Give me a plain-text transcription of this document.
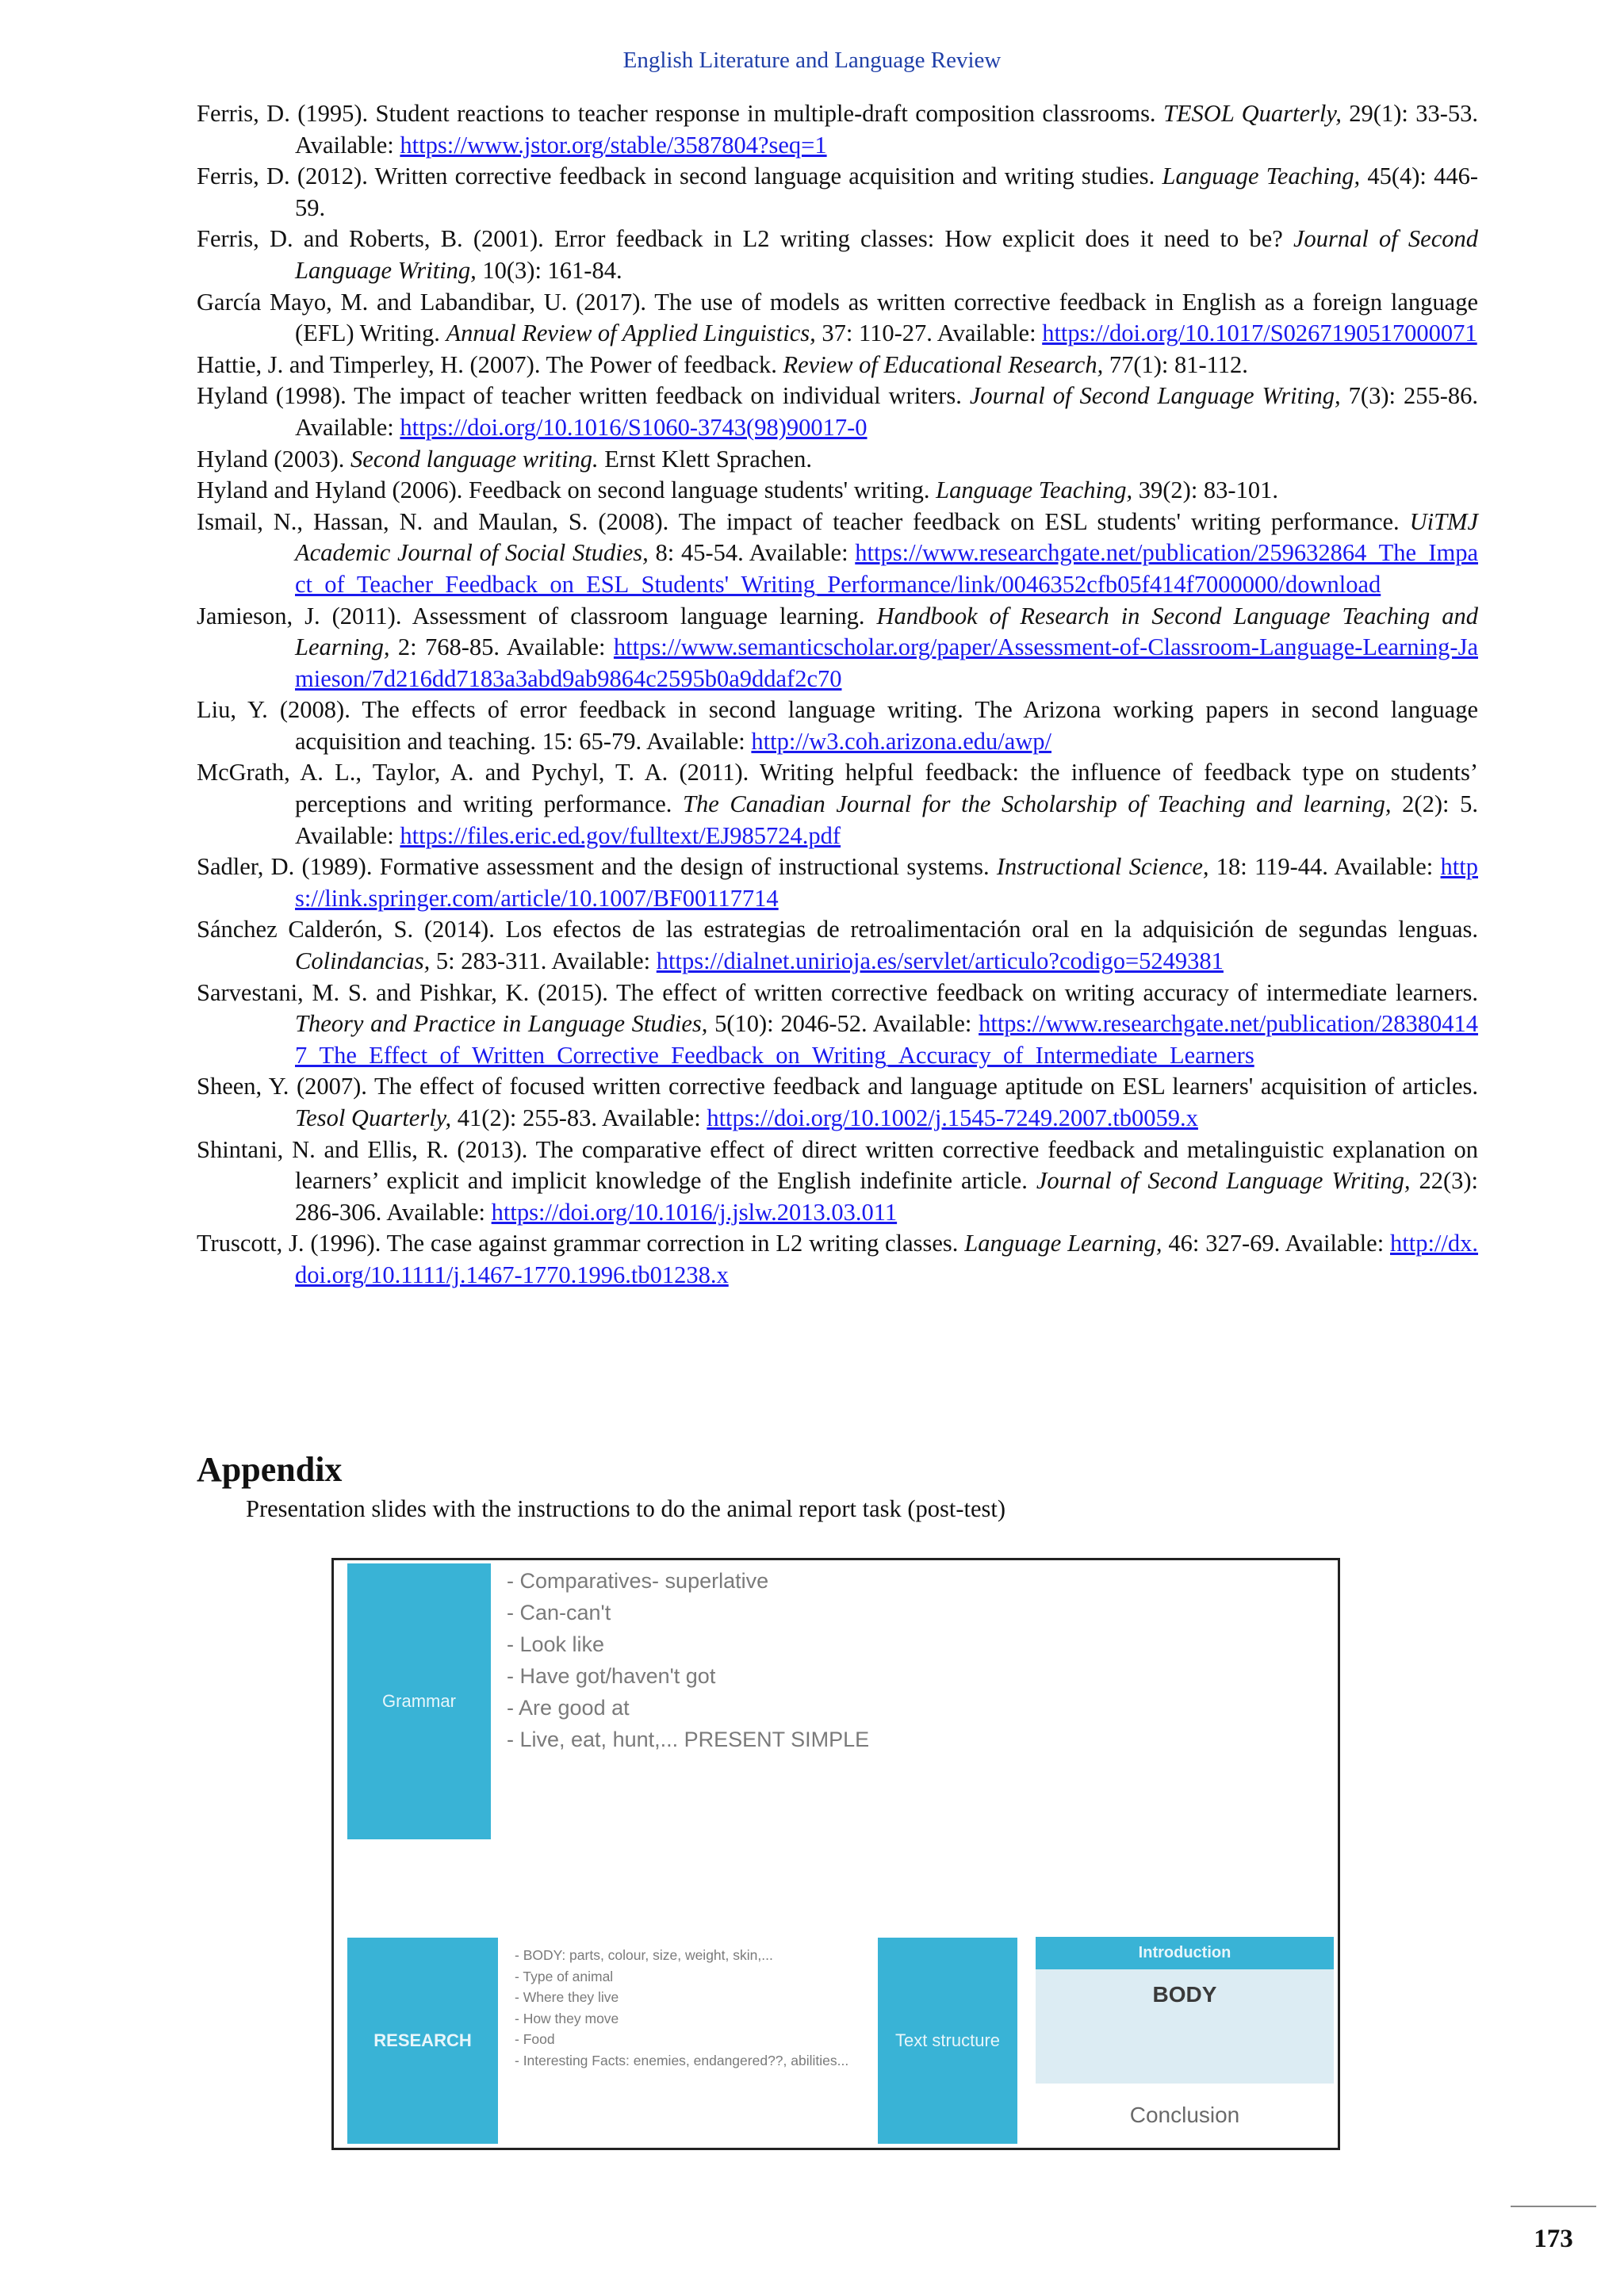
English Literature and Language Review
Ferris, D. (1995). Student reactions to teacher response in multiple-draft composition classrooms. TESOL Quarterly, 29(1): 33-53. Available: https://www.jstor.org/stable/3587804?seq=1
Ferris, D. (2012). Written corrective feedback in second language acquisition and writing studies. Language Teaching, 45(4): 446-59.
Ferris, D. and Roberts, B. (2001). Error feedback in L2 writing classes: How explicit does it need to be? Journal of Second Language Writing, 10(3): 161-84.
García Mayo, M. and Labandibar, U. (2017). The use of models as written corrective feedback in English as a foreign language (EFL) Writing. Annual Review of Applied Linguistics, 37: 110-27. Available: https://doi.org/10.1017/S0267190517000071
Hattie, J. and Timperley, H. (2007). The Power of feedback. Review of Educational Research, 77(1): 81-112.
Hyland (1998). The impact of teacher written feedback on individual writers. Journal of Second Language Writing, 7(3): 255-86. Available: https://doi.org/10.1016/S1060-3743(98)90017-0
Hyland (2003). Second language writing. Ernst Klett Sprachen.
Hyland and Hyland (2006). Feedback on second language students' writing. Language Teaching, 39(2): 83-101.
Ismail, N., Hassan, N. and Maulan, S. (2008). The impact of teacher feedback on ESL students' writing performance. UiTMJ Academic Journal of Social Studies, 8: 45-54. Available: https://www.researchgate.net/publication/259632864_The_Impact_of_Teacher_Feedback_on_ESL_Students'_Writing_Performance/link/0046352cfb05f414f7000000/download
Jamieson, J. (2011). Assessment of classroom language learning. Handbook of Research in Second Language Teaching and Learning, 2: 768-85. Available: https://www.semanticscholar.org/paper/Assessment-of-Classroom-Language-Learning-Jamieson/7d216dd7183a3abd9ab9864c2595b0a9ddaf2c70
Liu, Y. (2008). The effects of error feedback in second language writing. The Arizona working papers in second language acquisition and teaching. 15: 65-79. Available: http://w3.coh.arizona.edu/awp/
McGrath, A. L., Taylor, A. and Pychyl, T. A. (2011). Writing helpful feedback: the influence of feedback type on students’ perceptions and writing performance. The Canadian Journal for the Scholarship of Teaching and learning, 2(2): 5. Available: https://files.eric.ed.gov/fulltext/EJ985724.pdf
Sadler, D. (1989). Formative assessment and the design of instructional systems. Instructional Science, 18: 119-44. Available: https://link.springer.com/article/10.1007/BF00117714
Sánchez Calderón, S. (2014). Los efectos de las estrategias de retroalimentación oral en la adquisición de segundas lenguas. Colindancias, 5: 283-311. Available: https://dialnet.unirioja.es/servlet/articulo?codigo=5249381
Sarvestani, M. S. and Pishkar, K. (2015). The effect of written corrective feedback on writing accuracy of intermediate learners. Theory and Practice in Language Studies, 5(10): 2046-52. Available: https://www.researchgate.net/publication/283804147_The_Effect_of_Written_Corrective_Feedback_on_Writing_Accuracy_of_Intermediate_Learners
Sheen, Y. (2007). The effect of focused written corrective feedback and language aptitude on ESL learners' acquisition of articles. Tesol Quarterly, 41(2): 255-83. Available: https://doi.org/10.1002/j.1545-7249.2007.tb0059.x
Shintani, N. and Ellis, R. (2013). The comparative effect of direct written corrective feedback and metalinguistic explanation on learners’ explicit and implicit knowledge of the English indefinite article. Journal of Second Language Writing, 22(3): 286-306. Available: https://doi.org/10.1016/j.jslw.2013.03.011
Truscott, J. (1996). The case against grammar correction in L2 writing classes. Language Learning, 46: 327-69. Available: http://dx.doi.org/10.1111/j.1467-1770.1996.tb01238.x
Appendix
Presentation slides with the instructions to do the animal report task (post-test)
Grammar
- Comparatives- superlative
- Can-can't
- Look like
- Have got/haven't got
- Are good at
- Live, eat, hunt,... PRESENT SIMPLE
RESEARCH
- BODY: parts, colour, size, weight, skin,...
- Type of animal
- Where they live
- How they move
- Food
- Interesting Facts: enemies, endangered??, abilities...
Text structure
Introduction
BODY
Conclusion
173
